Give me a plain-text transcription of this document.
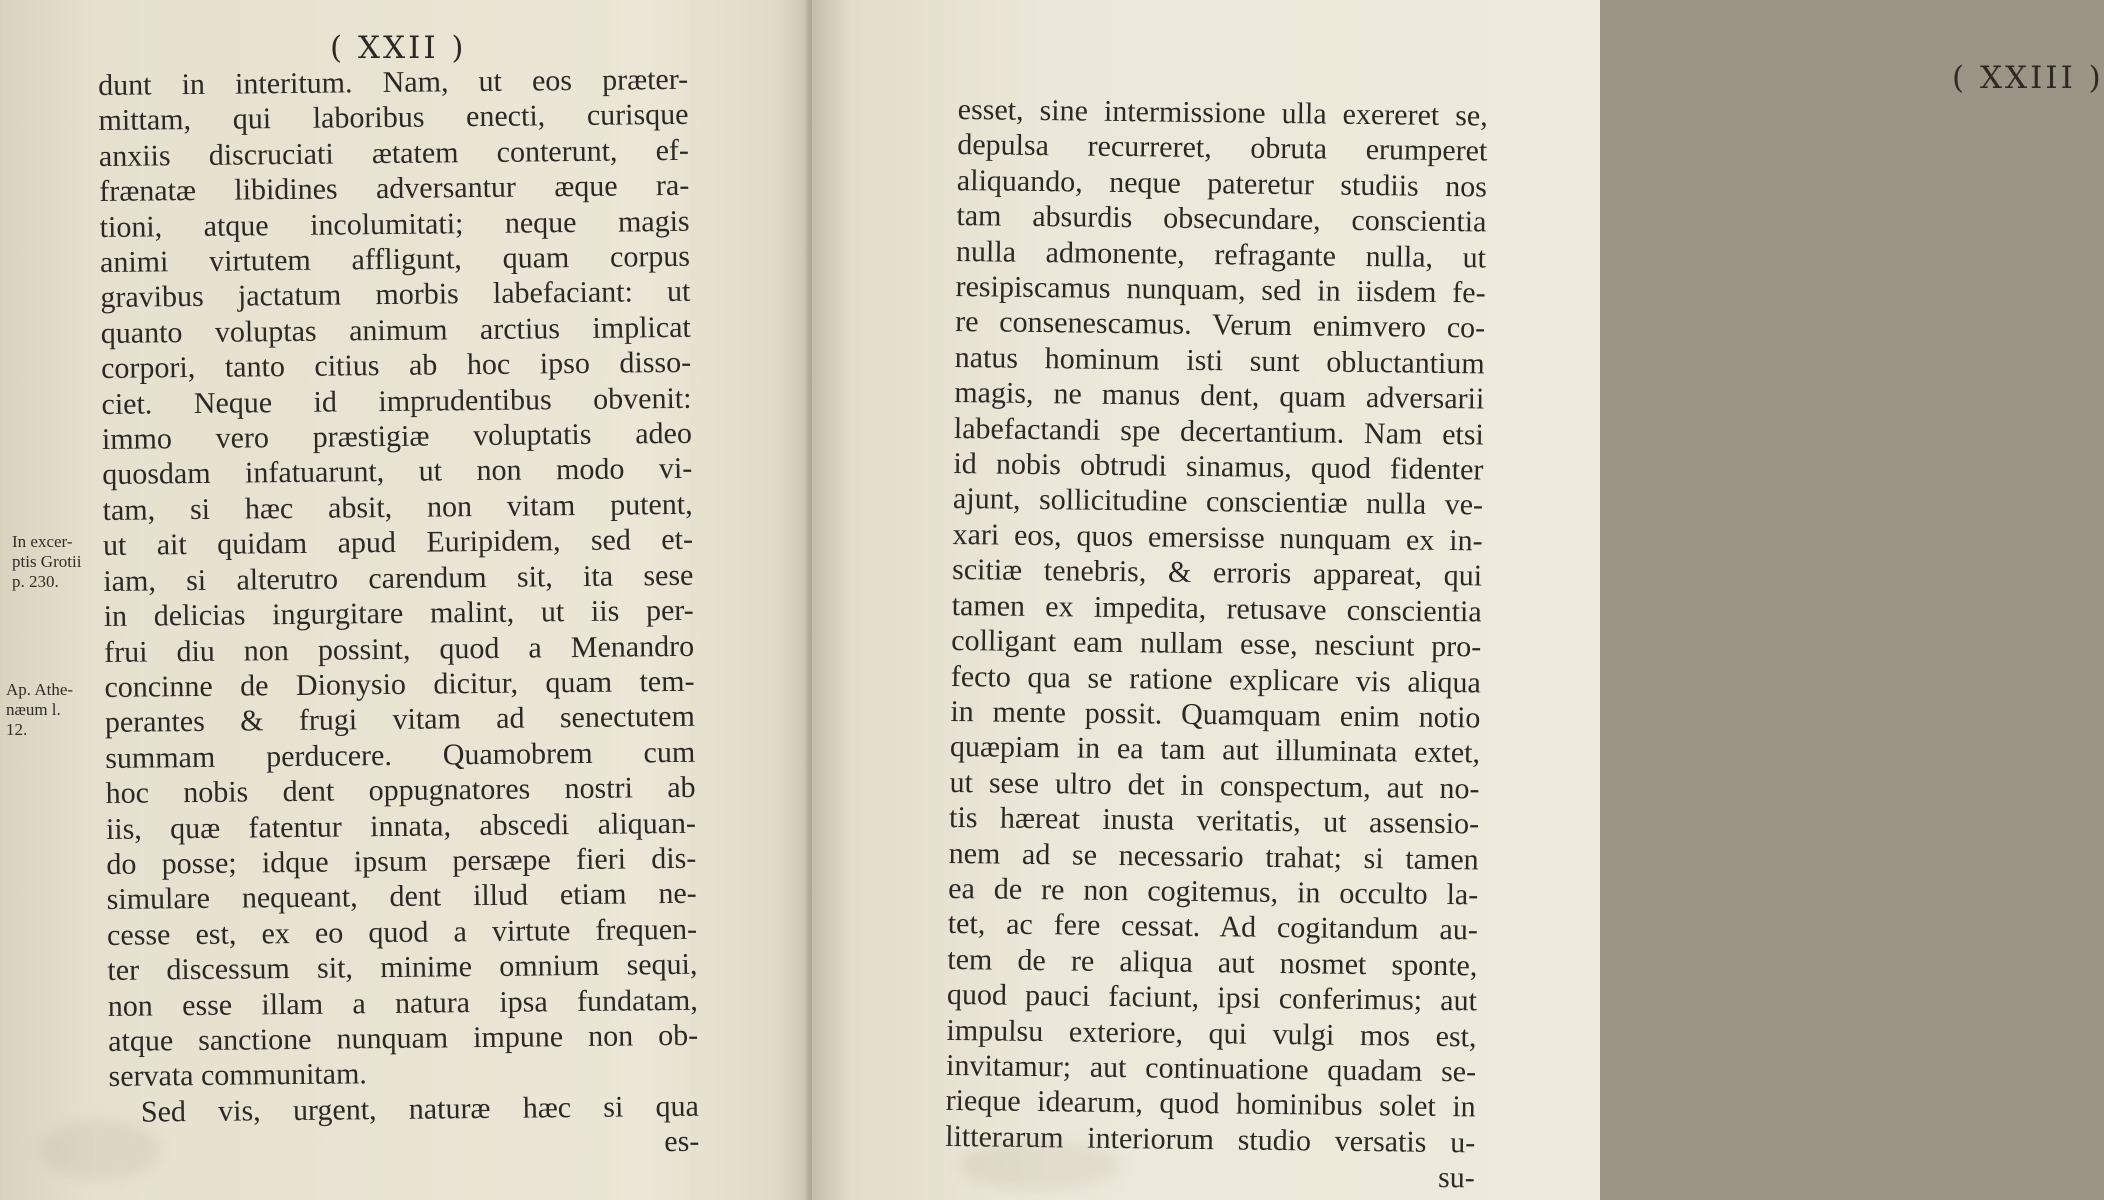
( XXII )
In excer-
ptis Grotii
p. 230.
Ap. Athe-
næum l.
12.
dunt in interitum. Nam, ut eos præter-
mittam, qui laboribus enecti, curisque
anxiis discruciati ætatem conterunt, ef-
frænatæ libidines adversantur æque ra-
tioni, atque incolumitati; neque magis
animi virtutem affligunt, quam corpus
gravibus jactatum morbis labefaciant: ut
quanto voluptas animum arctius implicat
corpori, tanto citius ab hoc ipso disso-
ciet. Neque id imprudentibus obvenit:
immo vero præstigiæ voluptatis adeo
quosdam infatuarunt, ut non modo vi-
tam, si hæc absit, non vitam putent,
ut ait quidam apud Euripidem, sed et-
iam, si alterutro carendum sit, ita sese
in delicias ingurgitare malint, ut iis per-
frui diu non possint, quod a Menandro
concinne de Dionysio dicitur, quam tem-
perantes & frugi vitam ad senectutem
summam perducere. Quamobrem cum
hoc nobis dent oppugnatores nostri ab
iis, quæ fatentur innata, abscedi aliquan-
do posse; idque ipsum persæpe fieri dis-
simulare nequeant, dent illud etiam ne-
cesse est, ex eo quod a virtute frequen-
ter discessum sit, minime omnium sequi,
non esse illam a natura ipsa fundatam,
atque sanctione nunquam impune non ob-
servata communitam.
Sed vis, urgent, naturæ hæc si qua
es-
( XXIII )
esset, sine intermissione ulla exereret se,
depulsa recurreret, obruta erumperet
aliquando, neque pateretur studiis nos
tam absurdis obsecundare, conscientia
nulla admonente, refragante nulla, ut
resipiscamus nunquam, sed in iisdem fe-
re consenescamus. Verum enimvero co-
natus hominum isti sunt obluctantium
magis, ne manus dent, quam adversarii
labefactandi spe decertantium. Nam etsi
id nobis obtrudi sinamus, quod fidenter
ajunt, sollicitudine conscientiæ nulla ve-
xari eos, quos emersisse nunquam ex in-
scitiæ tenebris, & erroris appareat, qui
tamen ex impedita, retusave conscientia
colligant eam nullam esse, nesciunt pro-
fecto qua se ratione explicare vis aliqua
in mente possit. Quamquam enim notio
quæpiam in ea tam aut illuminata extet,
ut sese ultro det in conspectum, aut no-
tis hæreat inusta veritatis, ut assensio-
nem ad se necessario trahat; si tamen
ea de re non cogitemus, in occulto la-
tet, ac fere cessat. Ad cogitandum au-
tem de re aliqua aut nosmet sponte,
quod pauci faciunt, ipsi conferimus; aut
impulsu exteriore, qui vulgi mos est,
invitamur; aut continuatione quadam se-
rieque idearum, quod hominibus solet in
litterarum interiorum studio versatis u-
su-
